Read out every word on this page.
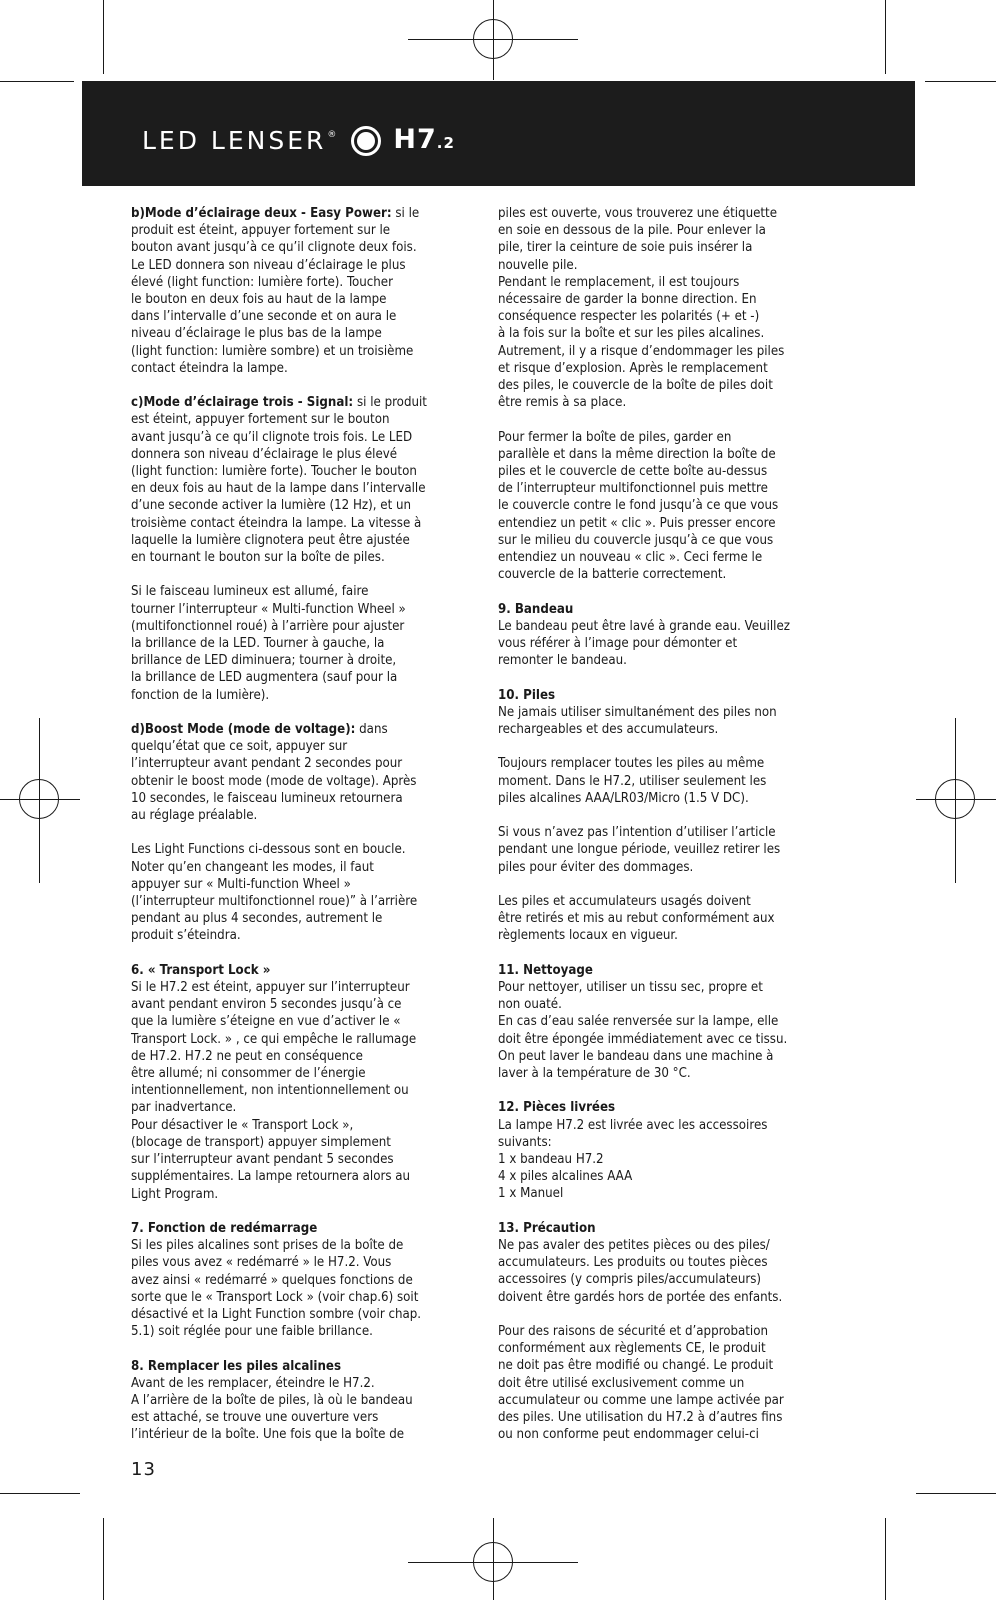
LED LENSER® H7.2

b)Mode d’éclairage deux - Easy Power: si le
produit est éteint, appuyer fortement sur le
bouton avant jusqu’à ce qu’il clignote deux fois.
Le LED donnera son niveau d’éclairage le plus
élevé (light function: lumière forte). Toucher
le bouton en deux fois au haut de la lampe
dans l’intervalle d’une seconde et on aura le
niveau d’éclairage le plus bas de la lampe
(light function: lumière sombre) et un troisième
contact éteindra la lampe.

c)Mode d’éclairage trois - Signal: si le produit
est éteint, appuyer fortement sur le bouton
avant jusqu’à ce qu’il clignote trois fois. Le LED
donnera son niveau d’éclairage le plus élevé
(light function: lumière forte). Toucher le bouton
en deux fois au haut de la lampe dans l’intervalle
d’une seconde activer la lumière (12 Hz), et un
troisième contact éteindra la lampe. La vitesse à
laquelle la lumière clignotera peut être ajustée
en tournant le bouton sur la boîte de piles.

Si le faisceau lumineux est allumé, faire
tourner l’interrupteur « Multi-function Wheel »
(multifonctionnel roué) à l’arrière pour ajuster
la brillance de la LED. Tourner à gauche, la
brillance de LED diminuera; tourner à droite,
la brillance de LED augmentera (sauf pour la
fonction de la lumière).

d)Boost Mode (mode de voltage): dans
quelqu’état que ce soit, appuyer sur
l’interrupteur avant pendant 2 secondes pour
obtenir le boost mode (mode de voltage). Après
10 secondes, le faisceau lumineux retournera
au réglage préalable.

Les Light Functions ci-dessous sont en boucle.
Noter qu’en changeant les modes, il faut
appuyer sur « Multi-function Wheel »
(l’interrupteur multifonctionnel roue)” à l’arrière
pendant au plus 4 secondes, autrement le
produit s’éteindra.

6. « Transport Lock »
Si le H7.2 est éteint, appuyer sur l’interrupteur
avant pendant environ 5 secondes jusqu’à ce
que la lumière s’éteigne en vue d’activer le «
Transport Lock. » , ce qui empêche le rallumage
de H7.2. H7.2 ne peut en conséquence
être allumé; ni consommer de l’énergie
intentionnellement, non intentionnellement ou
par inadvertance.
Pour désactiver le « Transport Lock »,
(blocage de transport) appuyer simplement
sur l’interrupteur avant pendant 5 secondes
supplémentaires. La lampe retournera alors au
Light Program.

7. Fonction de redémarrage
Si les piles alcalines sont prises de la boîte de
piles vous avez « redémarré » le H7.2. Vous
avez ainsi « redémarré » quelques fonctions de
sorte que le « Transport Lock » (voir chap.6) soit
désactivé et la Light Function sombre (voir chap.
5.1) soit réglée pour une faible brillance.

8. Remplacer les piles alcalines
Avant de les remplacer, éteindre le H7.2.
A l’arrière de la boîte de piles, là où le bandeau
est attaché, se trouve une ouverture vers
l’intérieur de la boîte. Une fois que la boîte de

piles est ouverte, vous trouverez une étiquette
en soie en dessous de la pile. Pour enlever la
pile, tirer la ceinture de soie puis insérer la
nouvelle pile.
Pendant le remplacement, il est toujours
nécessaire de garder la bonne direction. En
conséquence respecter les polarités (+ et -)
à la fois sur la boîte et sur les piles alcalines.
Autrement, il y a risque d’endommager les piles
et risque d’explosion. Après le remplacement
des piles, le couvercle de la boîte de piles doit
être remis à sa place.

Pour fermer la boîte de piles, garder en
parallèle et dans la même direction la boîte de
piles et le couvercle de cette boîte au-dessus
de l’interrupteur multifonctionnel puis mettre
le couvercle contre le fond jusqu’à ce que vous
entendiez un petit « clic ». Puis presser encore
sur le milieu du couvercle jusqu’à ce que vous
entendiez un nouveau « clic ». Ceci ferme le
couvercle de la batterie correctement.

9. Bandeau
Le bandeau peut être lavé à grande eau. Veuillez
vous référer à l’image pour démonter et
remonter le bandeau.

10. Piles
Ne jamais utiliser simultanément des piles non
rechargeables et des accumulateurs.

Toujours remplacer toutes les piles au même
moment. Dans le H7.2, utiliser seulement les
piles alcalines AAA/LR03/Micro (1.5 V DC).

Si vous n’avez pas l’intention d’utiliser l’article
pendant une longue période, veuillez retirer les
piles pour éviter des dommages.

Les piles et accumulateurs usagés doivent
être retirés et mis au rebut conformément aux
règlements locaux en vigueur.

11. Nettoyage
Pour nettoyer, utiliser un tissu sec, propre et
non ouaté.
En cas d’eau salée renversée sur la lampe, elle
doit être épongée immédiatement avec ce tissu.
On peut laver le bandeau dans une machine à
laver à la température de 30 °C.

12. Pièces livrées
La lampe H7.2 est livrée avec les accessoires
suivants:
1 x bandeau H7.2
4 x piles alcalines AAA
1 x Manuel

13. Précaution
Ne pas avaler des petites pièces ou des piles/
accumulateurs. Les produits ou toutes pièces
accessoires (y compris piles/accumulateurs)
doivent être gardés hors de portée des enfants.

Pour des raisons de sécurité et d’approbation
conformément aux règlements CE, le produit
ne doit pas être modifié ou changé. Le produit
doit être utilisé exclusivement comme un
accumulateur ou comme une lampe activée par
des piles. Une utilisation du H7.2 à d’autres fins
ou non conforme peut endommager celui-ci

13
